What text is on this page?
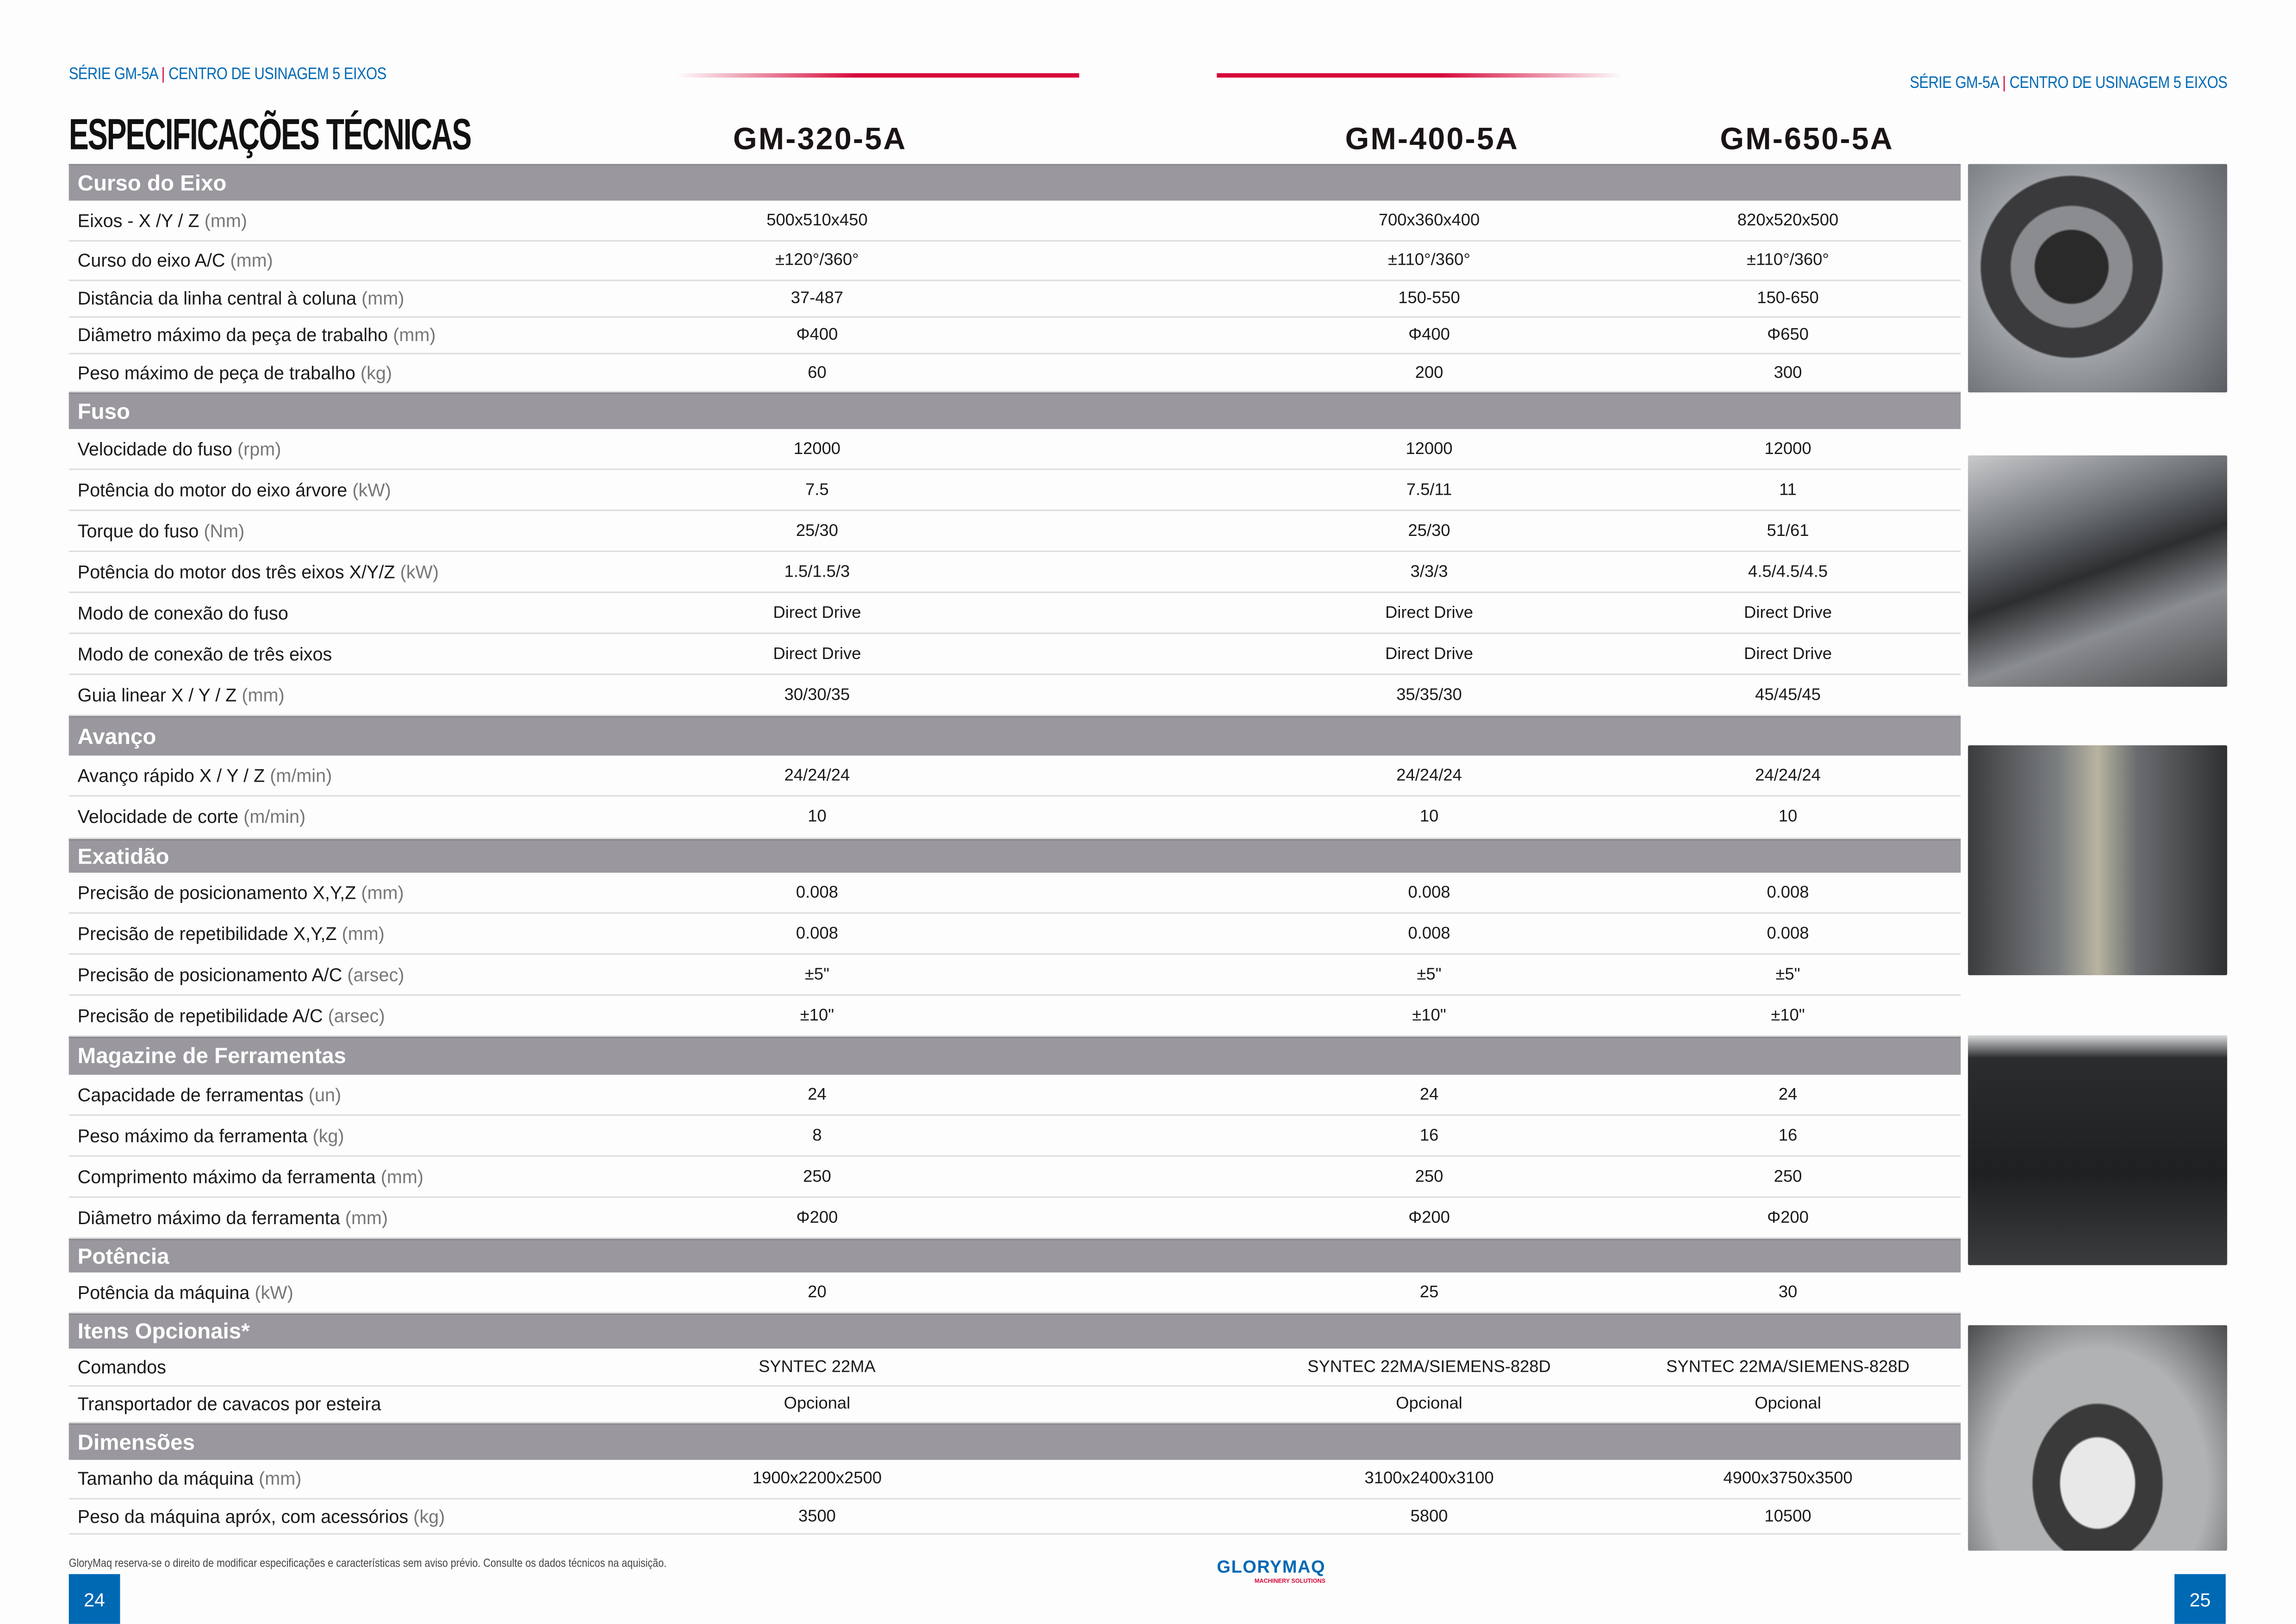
SÉRIE GM-5A | CENTRO DE USINAGEM 5 EIXOS	SÉRIE GM-5A | CENTRO DE USINAGEM 5 EIXOS
ESPECIFICAÇÕES TÉCNICAS	GM-320-5A	GM-400-5A	GM-650-5A
Curso do Eixo
Eixos - X /Y / Z (mm)	500x510x450	700x360x400	820x520x500
Curso do eixo A/C (mm)	±120°/360°	±110°/360°	±110°/360°
Distância da linha central à coluna (mm)	37-487	150-550	150-650
Diâmetro máximo da peça de trabalho (mm)	Φ400	Φ400	Φ650
Peso máximo de peça de trabalho (kg)	60	200	300
Fuso
Velocidade do fuso (rpm)	12000	12000	12000
Potência do motor do eixo árvore (kW)	7.5	7.5/11	11
Torque do fuso (Nm)	25/30	25/30	51/61
Potência do motor dos três eixos X/Y/Z (kW)	1.5/1.5/3	3/3/3	4.5/4.5/4.5
Modo de conexão do fuso	Direct Drive	Direct Drive	Direct Drive
Modo de conexão de três eixos	Direct Drive	Direct Drive	Direct Drive
Guia linear X / Y / Z (mm)	30/30/35	35/35/30	45/45/45
Avanço
Avanço rápido X / Y / Z (m/min)	24/24/24	24/24/24	24/24/24
Velocidade de corte (m/min)	10	10	10
Exatidão
Precisão de posicionamento X,Y,Z (mm)	0.008	0.008	0.008
Precisão de repetibilidade X,Y,Z (mm)	0.008	0.008	0.008
Precisão de posicionamento A/C (arsec)	±5"	±5"	±5"
Precisão de repetibilidade A/C (arsec)	±10"	±10"	±10"
Magazine de Ferramentas
Capacidade de ferramentas (un)	24	24	24
Peso máximo da ferramenta (kg)	8	16	16
Comprimento máximo da ferramenta (mm)	250	250	250
Diâmetro máximo da ferramenta (mm)	Φ200	Φ200	Φ200
Potência
Potência da máquina (kW)	20	25	30
Itens Opcionais*
Comandos	SYNTEC 22MA	SYNTEC 22MA/SIEMENS-828D	SYNTEC 22MA/SIEMENS-828D
Transportador de cavacos por esteira	Opcional	Opcional	Opcional
Dimensões
Tamanho da máquina (mm)	1900x2200x2500	3100x2400x3100	4900x3750x3500
Peso da máquina apróx, com acessórios (kg)	3500	5800	10500
GloryMaq reserva-se o direito de modificar especificações e características sem aviso prévio. Consulte os dados técnicos na aquisição.	GLORYMAQ
MACHINERY SOLUTIONS
24	25
